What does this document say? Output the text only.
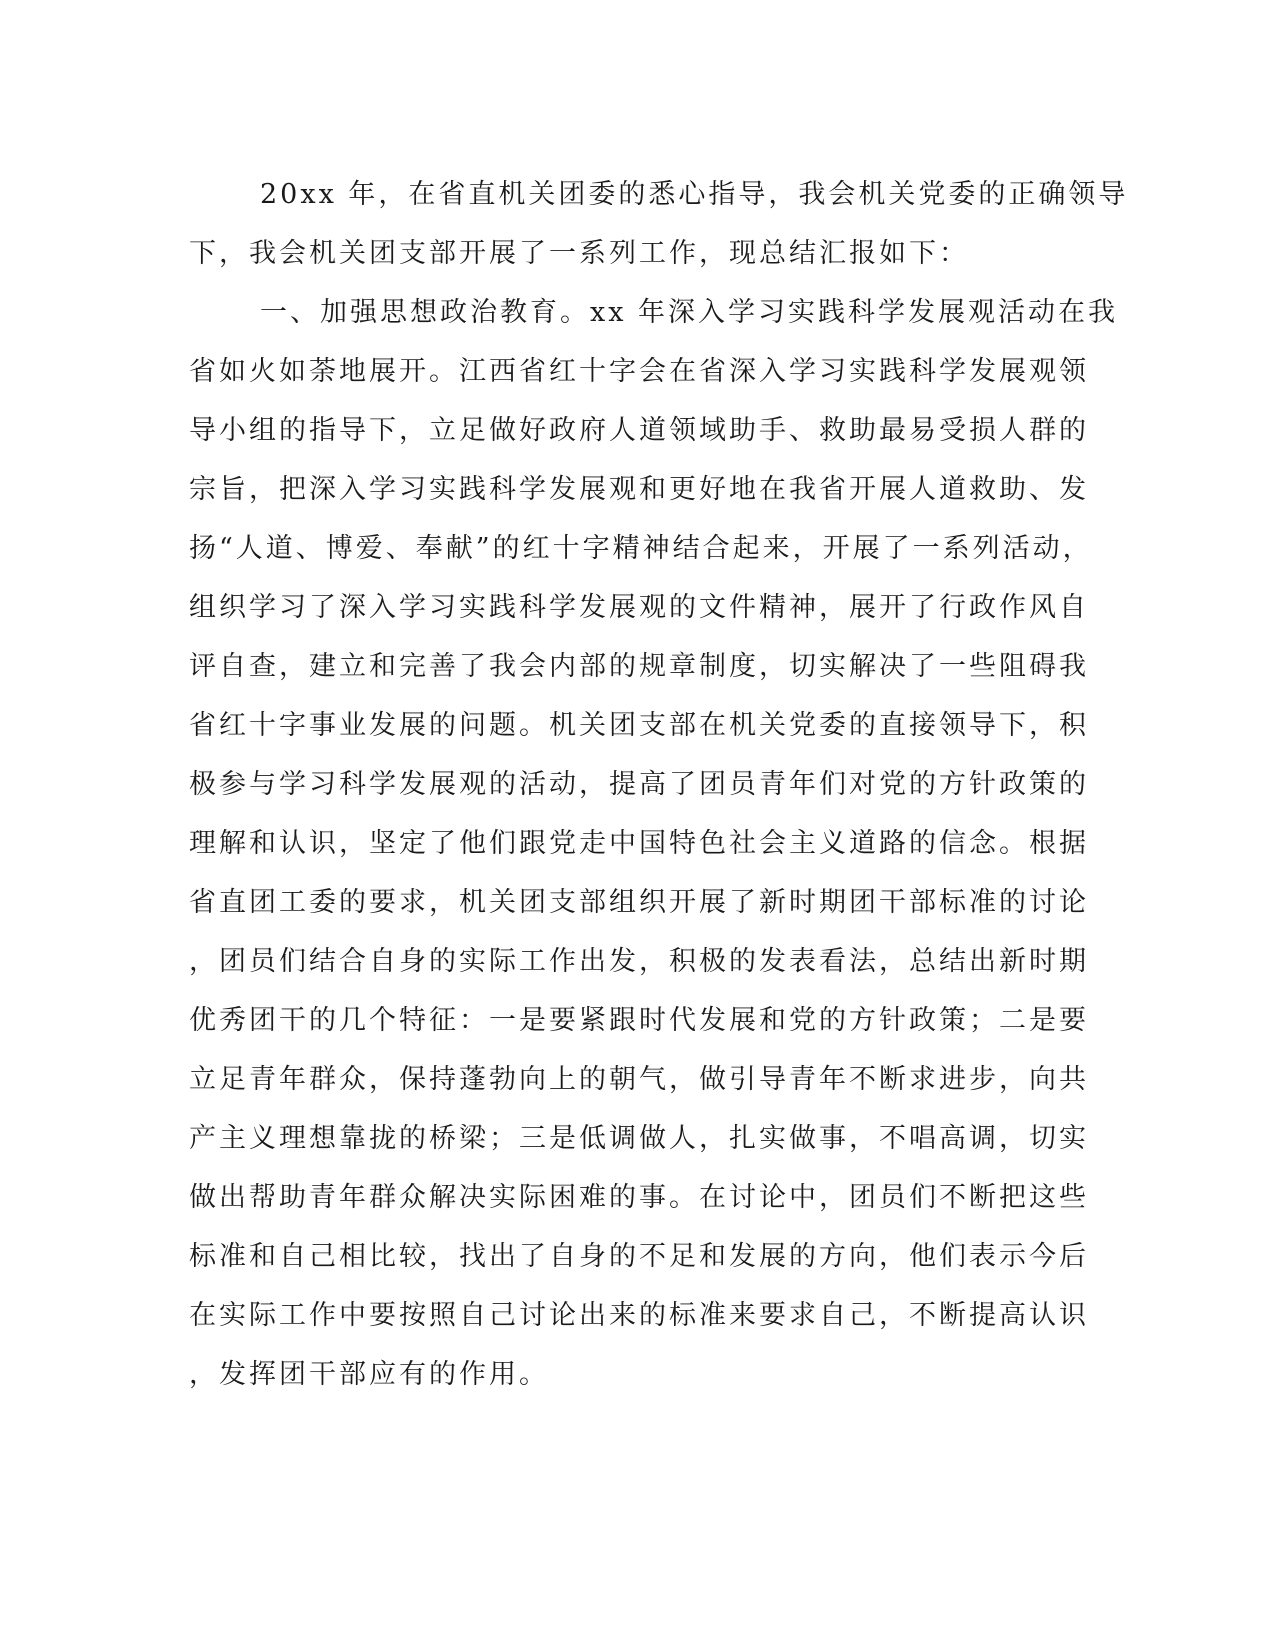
20xx 年，在省直机关团委的悉心指导，我会机关党委的正确领导
下，我会机关团支部开展了一系列工作，现总结汇报如下：
一、加强思想政治教育。xx 年深入学习实践科学发展观活动在我
省如火如荼地展开。江西省红十字会在省深入学习实践科学发展观领
导小组的指导下，立足做好政府人道领域助手、救助最易受损人群的
宗旨，把深入学习实践科学发展观和更好地在我省开展人道救助、发
扬“人道、博爱、奉献”的红十字精神结合起来，开展了一系列活动，
组织学习了深入学习实践科学发展观的文件精神，展开了行政作风自
评自查，建立和完善了我会内部的规章制度，切实解决了一些阻碍我
省红十字事业发展的问题。机关团支部在机关党委的直接领导下，积
极参与学习科学发展观的活动，提高了团员青年们对党的方针政策的
理解和认识，坚定了他们跟党走中国特色社会主义道路的信念。根据
省直团工委的要求，机关团支部组织开展了新时期团干部标准的讨论
，团员们结合自身的实际工作出发，积极的发表看法，总结出新时期
优秀团干的几个特征：一是要紧跟时代发展和党的方针政策；二是要
立足青年群众，保持蓬勃向上的朝气，做引导青年不断求进步，向共
产主义理想靠拢的桥梁；三是低调做人，扎实做事，不唱高调，切实
做出帮助青年群众解决实际困难的事。在讨论中，团员们不断把这些
标准和自己相比较，找出了自身的不足和发展的方向，他们表示今后
在实际工作中要按照自己讨论出来的标准来要求自己，不断提高认识
，发挥团干部应有的作用。
